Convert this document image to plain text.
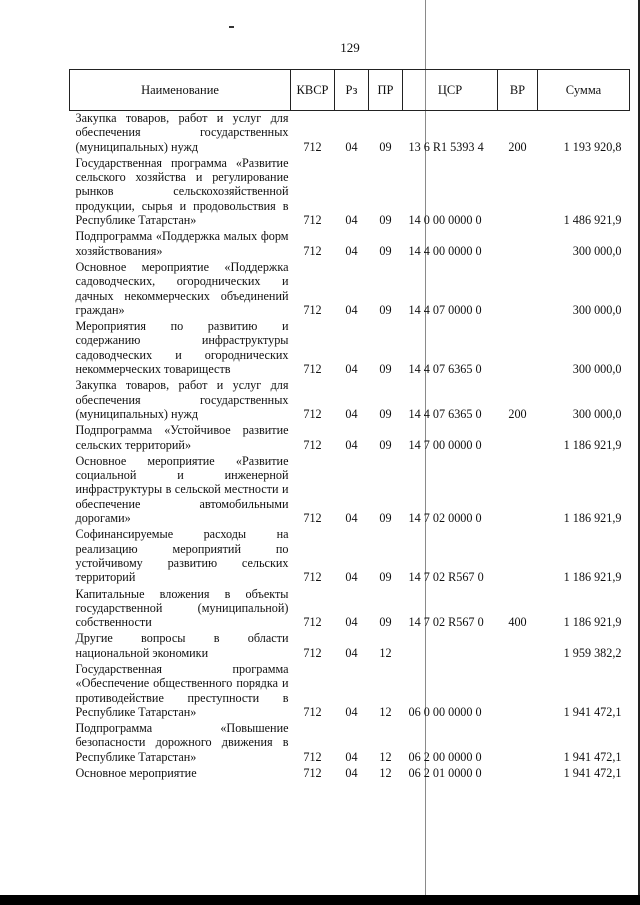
129
Наименование	КВСР	Рз	ПР	ЦСР	ВР	Сумма
Закупка товаров, работ и услуг для обеспечения государственных (муниципальных) нужд	712	04	09	13 6 R1 5393 4	200	1 193 920,8
Государственная программа «Развитие сельского хозяйства и регулирование рынков сельскохозяйственной продукции, сырья и продовольствия в Республике Татарстан»	712	04	09	14 0 00 0000 0		1 486 921,9
Подпрограмма «Поддержка малых форм хозяйствования»	712	04	09	14 4 00 0000 0		300 000,0
Основное мероприятие «Поддержка садоводческих, огороднических и дачных некоммерческих объединений граждан»	712	04	09	14 4 07 0000 0		300 000,0
Мероприятия по развитию и содержанию инфраструктуры садоводческих и огороднических некоммерческих товариществ	712	04	09	14 4 07 6365 0		300 000,0
Закупка товаров, работ и услуг для обеспечения государственных (муниципальных) нужд	712	04	09	14 4 07 6365 0	200	300 000,0
Подпрограмма «Устойчивое развитие сельских территорий»	712	04	09	14 7 00 0000 0		1 186 921,9
Основное мероприятие «Развитие социальной и инженерной инфраструктуры в сельской местности и обеспечение автомобильными дорогами»	712	04	09	14 7 02 0000 0		1 186 921,9
Софинансируемые расходы на реализацию мероприятий по устойчивому развитию сельских территорий	712	04	09	14 7 02 R567 0		1 186 921,9
Капитальные вложения в объекты государственной (муниципальной) собственности	712	04	09	14 7 02 R567 0	400	1 186 921,9
Другие вопросы в области национальной экономики	712	04	12			1 959 382,2
Государственная программа «Обеспечение общественного порядка и противодействие преступности в Республике Татарстан»	712	04	12	06 0 00 0000 0		1 941 472,1
Подпрограмма «Повышение безопасности дорожного движения в Республике Татарстан»	712	04	12	06 2 00 0000 0		1 941 472,1
Основное мероприятие	712	04	12	06 2 01 0000 0		1 941 472,1
